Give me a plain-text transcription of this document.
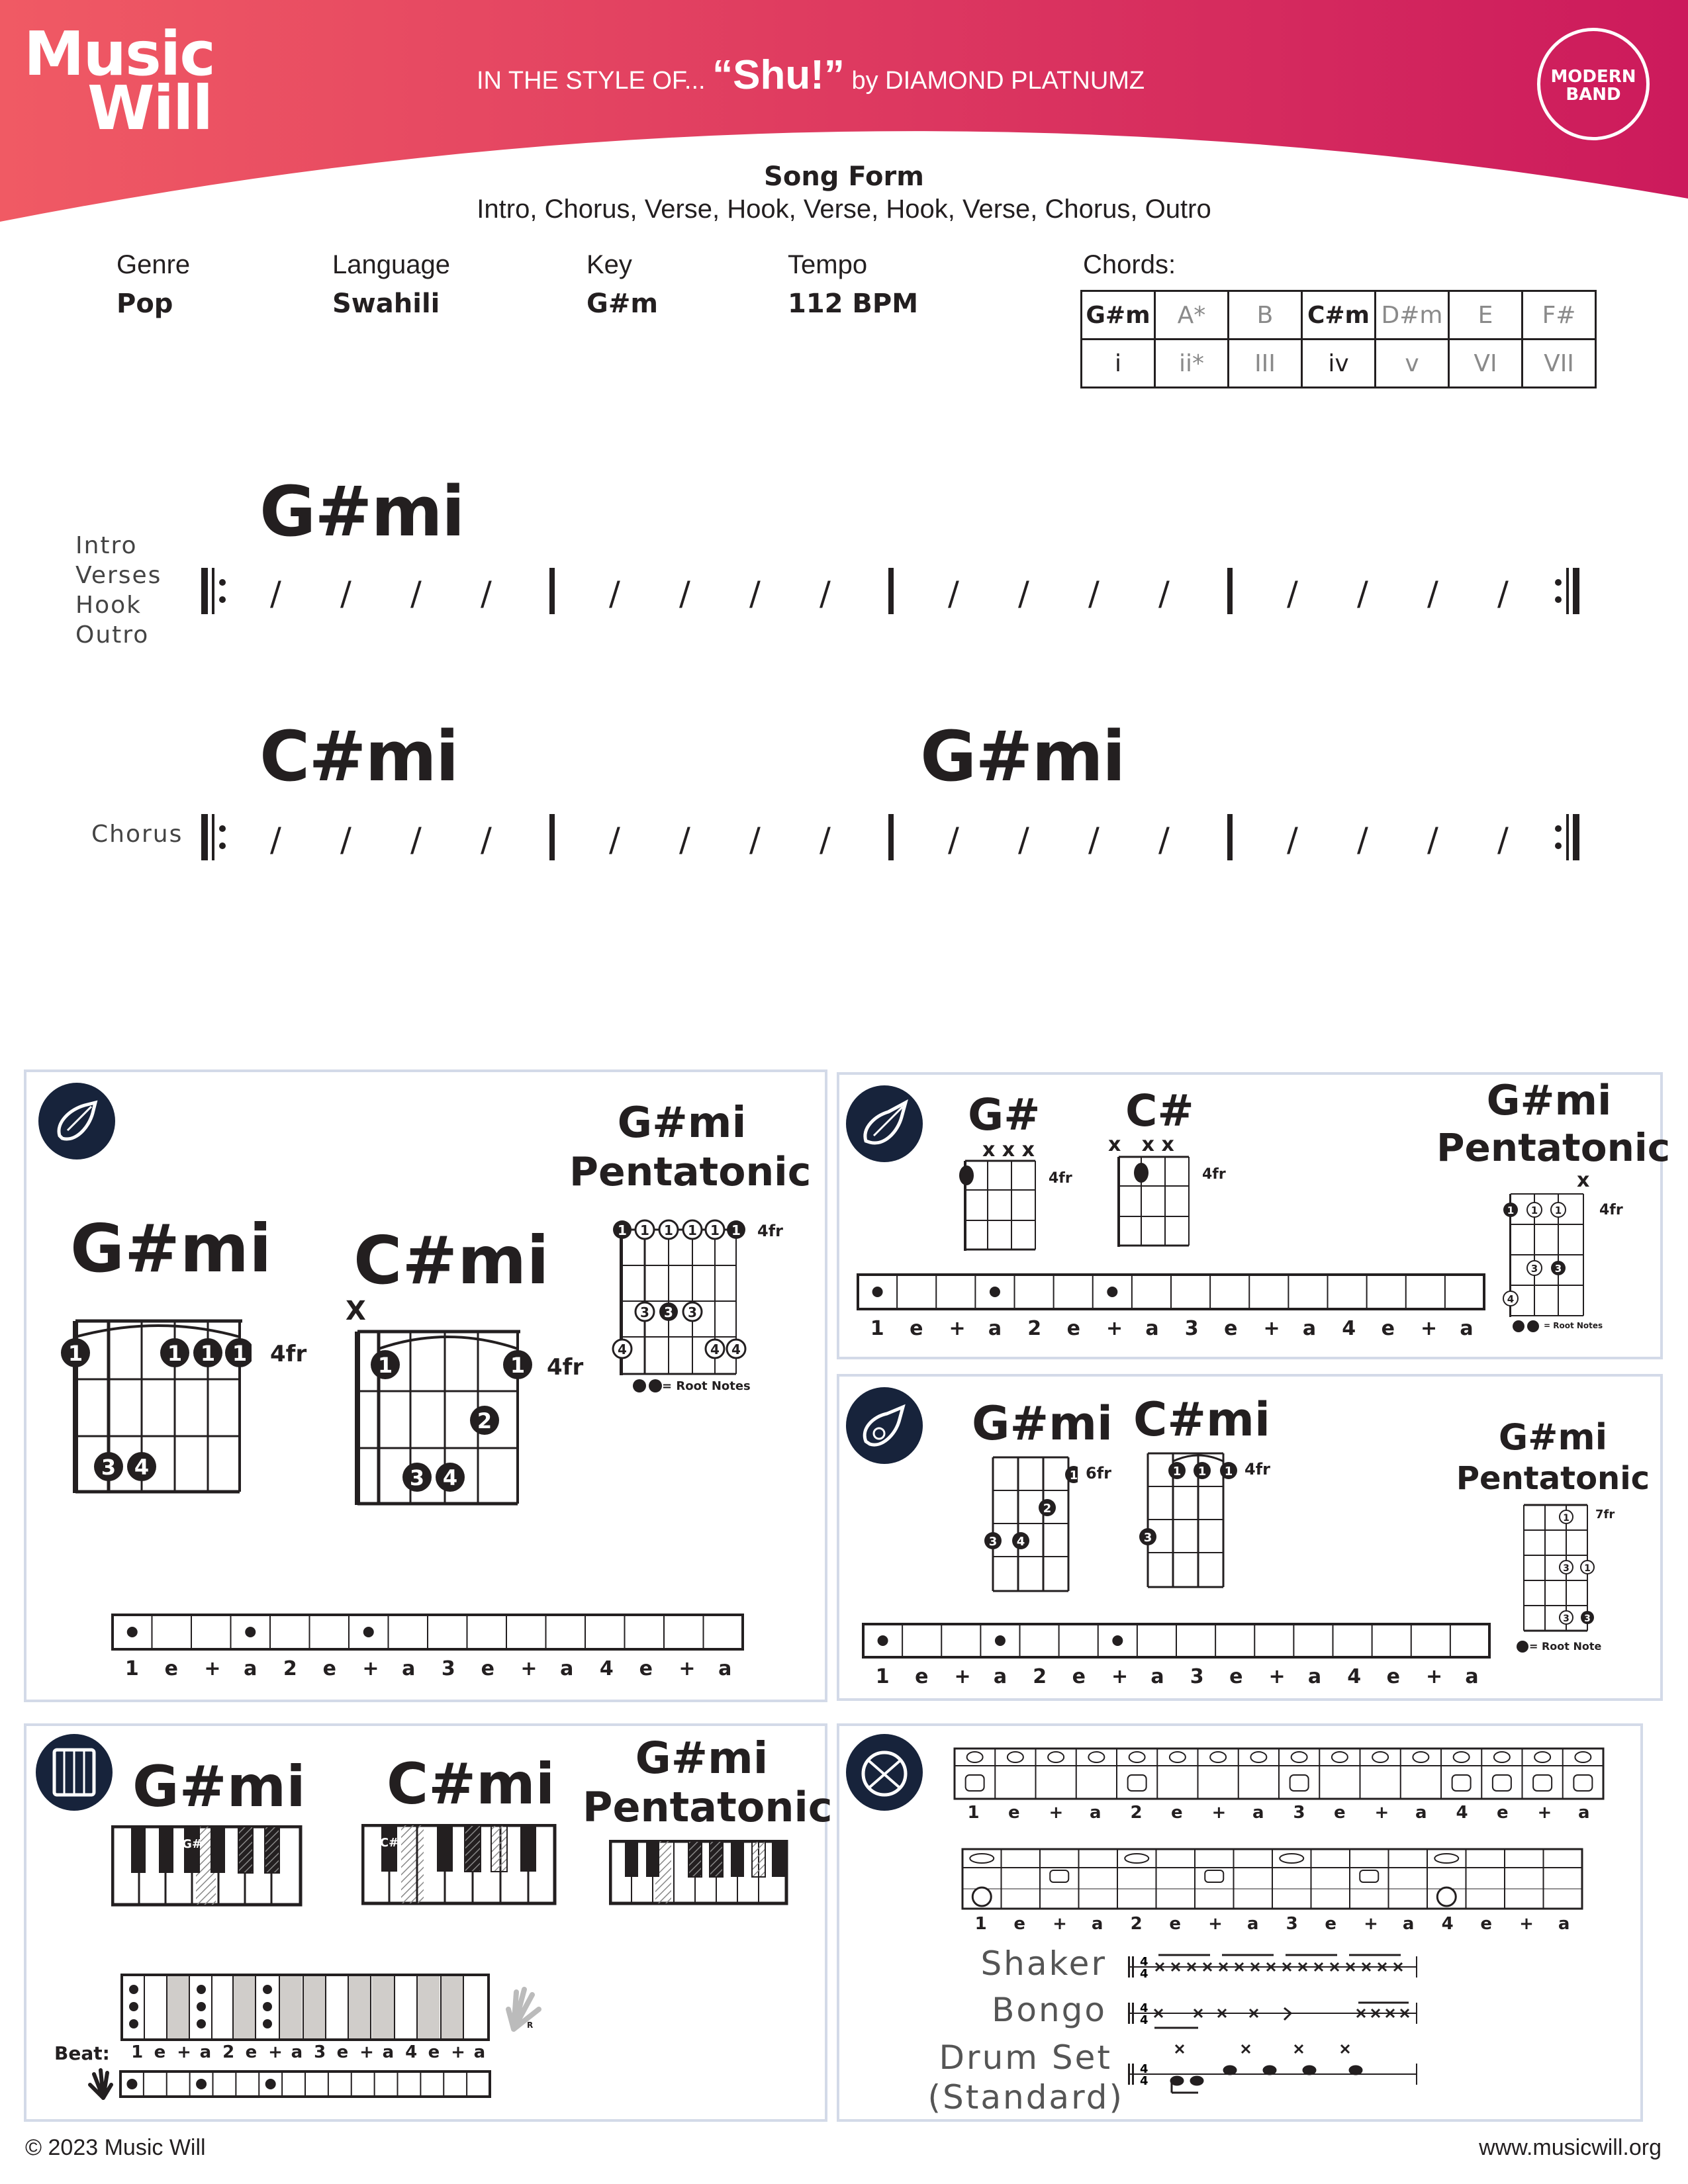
Music
Will	IN THE STYLE OF... “Shu!” by DIAMOND PLATNUMZ	MODERN
BAND
Song Form
Intro, Chorus, Verse, Hook, Verse, Hook, Verse, Chorus, Outro
Genre
Pop
Language
Swahili
Key
G#m
Tempo
112 BPM
Chords:
G#m	A*	B	C#m	D#m	E	F#
i	ii*	III	iv	v	VI	VII
G#mi
Intro
Verses
Hook
Outro
/ / / /	/ / / /	/ / / /	/ / / /
C#mi	G#mi
Chorus	/ / / /	/ / / /	/ / / /	/ / / /
G#mi
Pentatonic
G#mi C#mi
X
4fr	4fr
4fr
= Root Notes
1	1 1 1
3 4
1	1
2
3 4
1 1 1 1 1 1
3 3 3
4	4 4
1 e + a 2 e + a 3 e + a 4 e + a
G# C#
x x x	x   x x
4fr	4fr
G#mi
Pentatonic
x
4fr
= Root Notes
1 1 1
3 3
4
1 e + a 2 e + a 3 e + a 4 e + a
G#mi C#mi
6fr	4fr
G#mi
Pentatonic
7fr
= Root Note
1
2
3 4
1 1 1
3
1
3 1
3 3
1 e + a 2 e + a 3 e + a 4 e + a
G#mi C#mi	G#mi
Pentatonic
G#	C#
R
Beat: 1 e + a 2 e + a 3 e + a 4 e + a
1 e + a 2 e + a 3 e + a 4 e + a
1 e + a 2 e + a 3 e + a 4 e + a
Shaker
Bongo
Drum Set
(Standard)
4
4
4
4
4
4
© 2023 Music Will	www.musicwill.org
